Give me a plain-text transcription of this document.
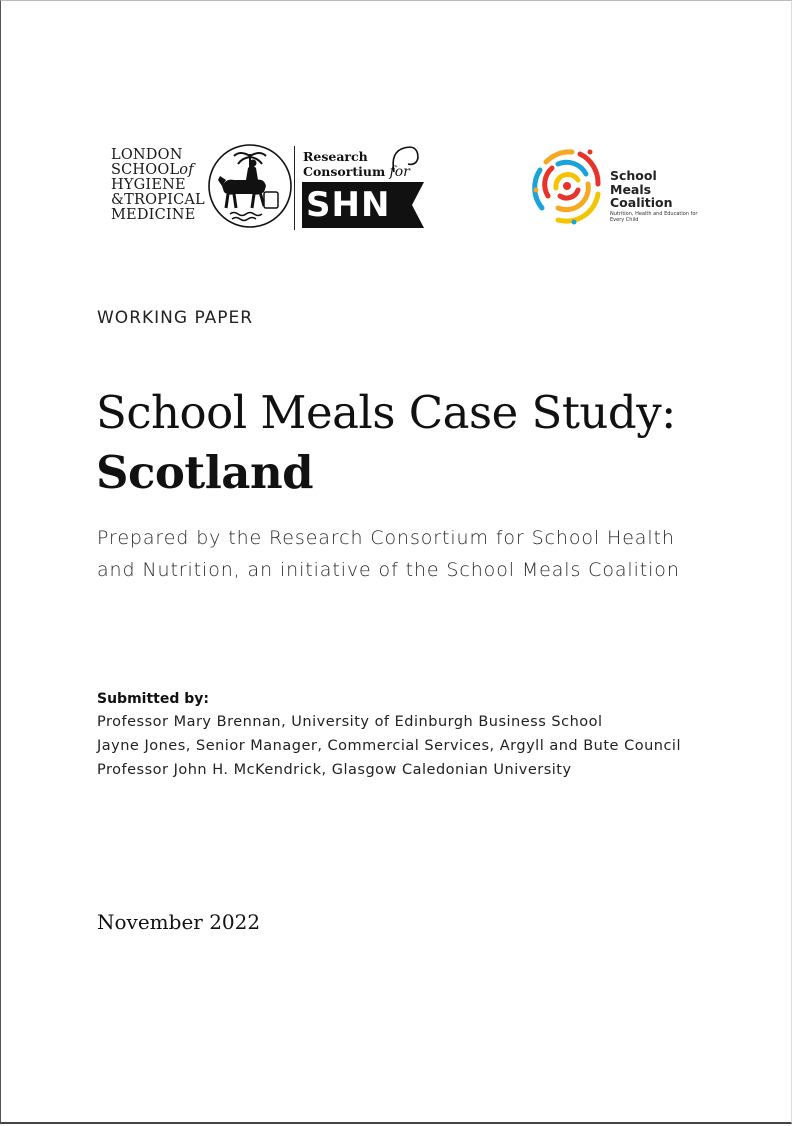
LONDON
SCHOOLof
HYGIENE
&TROPICAL
MEDICINE
Research
Consortium for
SHN
School
Meals
Coalition
Nutrition, Health and Education for Every Child
WORKING PAPER
School Meals Case Study:
Scotland
Prepared by the Research Consortium for School Health
and Nutrition, an initiative of the School Meals Coalition
Submitted by:
Professor Mary Brennan, University of Edinburgh Business School
Jayne Jones, Senior Manager, Commercial Services, Argyll and Bute Council
Professor John H. McKendrick, Glasgow Caledonian University
November 2022
